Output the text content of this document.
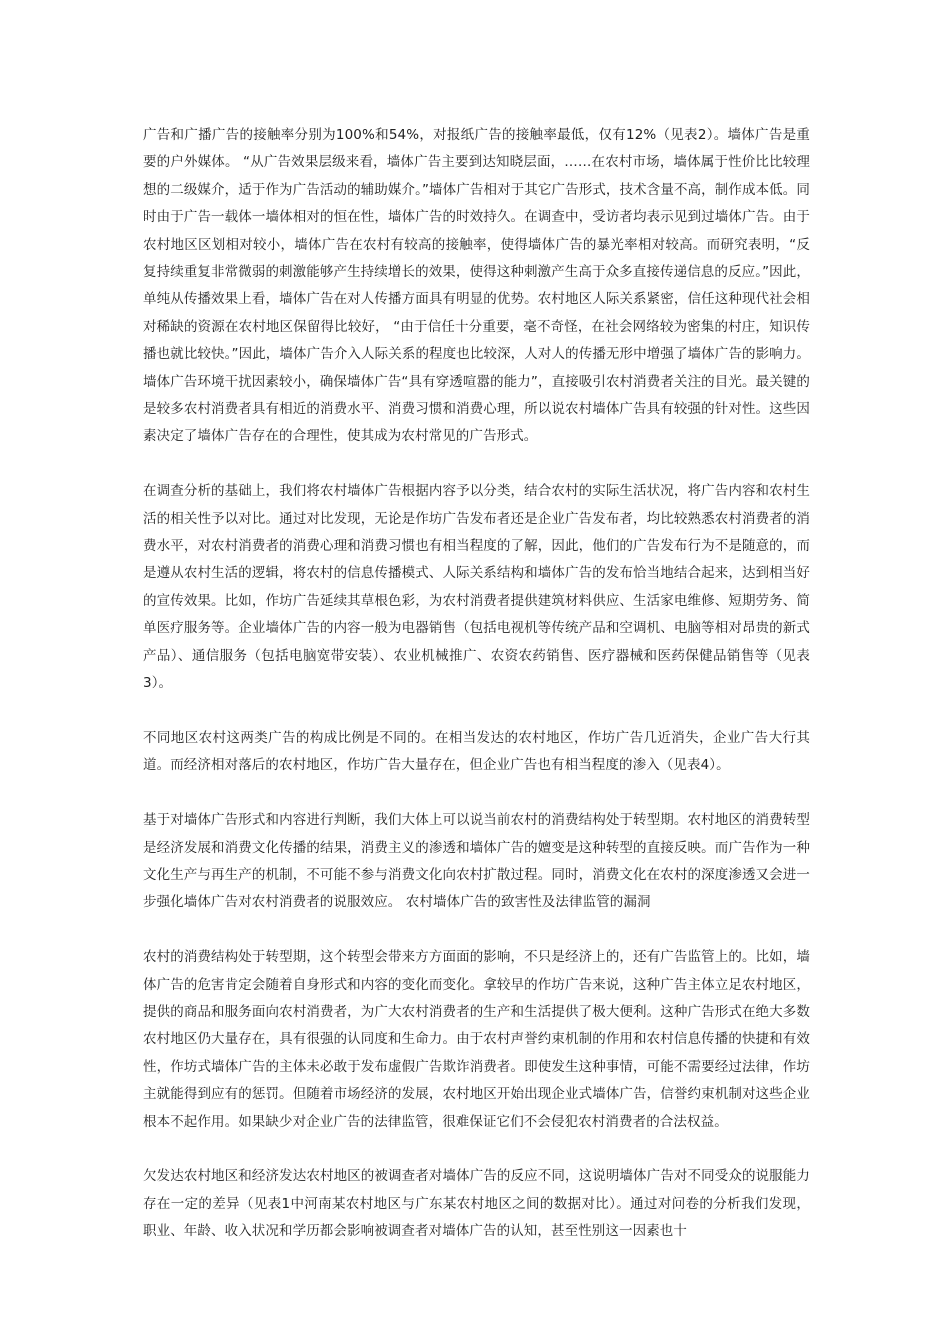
广告和广播广告的接触率分别为100%和54%，对报纸广告的接触率最低，仅有12%（见表2）。墙体广告是重要的户外媒体。 “从广告效果层级来看，墙体广告主要到达知晓层面，……在农村市场，墙体属于性价比比较理想的二级媒介，适于作为广告活动的辅助媒介。”墙体广告相对于其它广告形式，技术含量不高，制作成本低。同时由于广告一载体一墙体相对的恒在性，墙体广告的时效持久。在调查中，受访者均表示见到过墙体广告。由于农村地区区划相对较小，墙体广告在农村有较高的接触率，使得墙体广告的暴光率相对较高。而研究表明，“反复持续重复非常微弱的刺激能够产生持续增长的效果，使得这种刺激产生高于众多直接传递信息的反应。”因此，单纯从传播效果上看，墙体广告在对人传播方面具有明显的优势。农村地区人际关系紧密，信任这种现代社会相对稀缺的资源在农村地区保留得比较好， “由于信任十分重要，毫不奇怪，在社会网络较为密集的村庄，知识传播也就比较快。”因此，墙体广告介入人际关系的程度也比较深，人对人的传播无形中增强了墙体广告的影响力。墙体广告环境干扰因素较小，确保墙体广告“具有穿透喧嚣的能力”，直接吸引农村消费者关注的目光。最关键的是较多农村消费者具有相近的消费水平、消费习惯和消费心理，所以说农村墙体广告具有较强的针对性。这些因素决定了墙体广告存在的合理性，使其成为农村常见的广告形式。

在调查分析的基础上，我们将农村墙体广告根据内容予以分类，结合农村的实际生活状况，将广告内容和农村生活的相关性予以对比。通过对比发现，无论是作坊广告发布者还是企业广告发布者，均比较熟悉农村消费者的消费水平，对农村消费者的消费心理和消费习惯也有相当程度的了解，因此，他们的广告发布行为不是随意的，而是遵从农村生活的逻辑，将农村的信息传播模式、人际关系结构和墙体广告的发布恰当地结合起来，达到相当好的宣传效果。比如，作坊广告延续其草根色彩，为农村消费者提供建筑材料供应、生活家电维修、短期劳务、简单医疗服务等。企业墙体广告的内容一般为电器销售（包括电视机等传统产品和空调机、电脑等相对昂贵的新式产品）、通信服务（包括电脑宽带安装）、农业机械推广、农资农药销售、医疗器械和医药保健品销售等（见表3）。

不同地区农村这两类广告的构成比例是不同的。在相当发达的农村地区，作坊广告几近消失，企业广告大行其道。而经济相对落后的农村地区，作坊广告大量存在，但企业广告也有相当程度的渗入（见表4）。

基于对墙体广告形式和内容进行判断，我们大体上可以说当前农村的消费结构处于转型期。农村地区的消费转型是经济发展和消费文化传播的结果，消费主义的渗透和墙体广告的嬗变是这种转型的直接反映。而广告作为一种文化生产与再生产的机制，不可能不参与消费文化向农村扩散过程。同时，消费文化在农村的深度渗透又会进一步强化墙体广告对农村消费者的说服效应。 农村墙体广告的致害性及法律监管的漏洞

农村的消费结构处于转型期，这个转型会带来方方面面的影响，不只是经济上的，还有广告监管上的。比如，墙体广告的危害肯定会随着自身形式和内容的变化而变化。拿较早的作坊广告来说，这种广告主体立足农村地区，提供的商品和服务面向农村消费者，为广大农村消费者的生产和生活提供了极大便利。这种广告形式在绝大多数农村地区仍大量存在，具有很强的认同度和生命力。由于农村声誉约束机制的作用和农村信息传播的快捷和有效性，作坊式墙体广告的主体未必敢于发布虚假广告欺诈消费者。即使发生这种事情，可能不需要经过法律，作坊主就能得到应有的惩罚。但随着市场经济的发展，农村地区开始出现企业式墙体广告，信誉约束机制对这些企业根本不起作用。如果缺少对企业广告的法律监管，很难保证它们不会侵犯农村消费者的合法权益。

欠发达农村地区和经济发达农村地区的被调查者对墙体广告的反应不同，这说明墙体广告对不同受众的说服能力存在一定的差异（见表1中河南某农村地区与广东某农村地区之间的数据对比）。通过对问卷的分析我们发现，职业、年龄、收入状况和学历都会影响被调查者对墙体广告的认知，甚至性别这一因素也十
